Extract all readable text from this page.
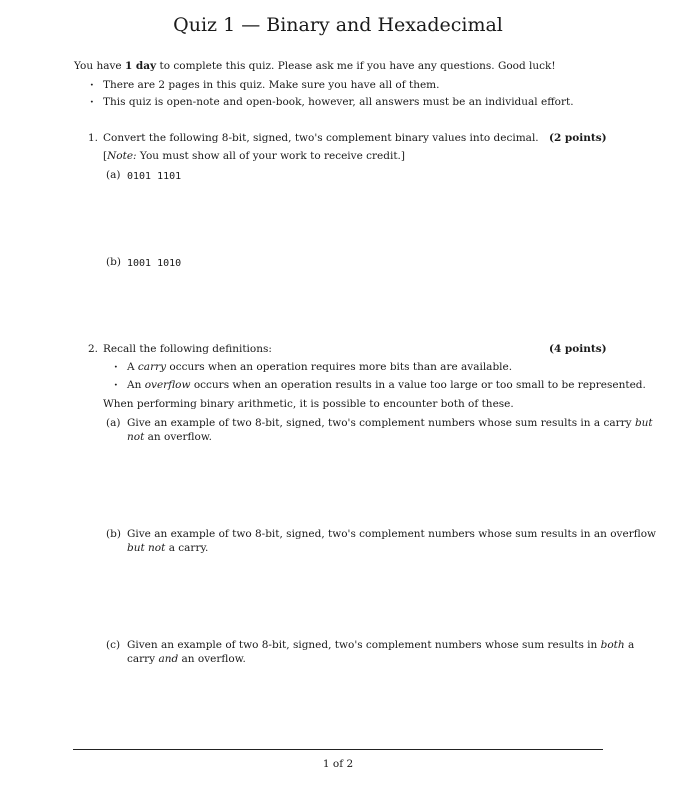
Quiz 1 — Binary and Hexadecimal
You have 1 day to complete this quiz. Please ask me if you have any questions. Good luck!
· There are 2 pages in this quiz. Make sure you have all of them.
· This quiz is open-note and open-book, however, all answers must be an individual effort.
1. Convert the following 8-bit, signed, two's complement binary values into decimal. (2 points)
[Note: You must show all of your work to receive credit.]
(a) 0101 1101
(b) 1001 1010
2. Recall the following definitions:	(4 points)
· A carry occurs when an operation requires more bits than are available.
· An overflow occurs when an operation results in a value too large or too small to be represented.
When performing binary arithmetic, it is possible to encounter both of these.
(a) Give an example of two 8-bit, signed, two's complement numbers whose sum results in a carry but
not an overflow.
(b) Give an example of two 8-bit, signed, two's complement numbers whose sum results in an overflow
but not a carry.
(c) Given an example of two 8-bit, signed, two's complement numbers whose sum results in both a
carry and an overflow.
1 of 2
